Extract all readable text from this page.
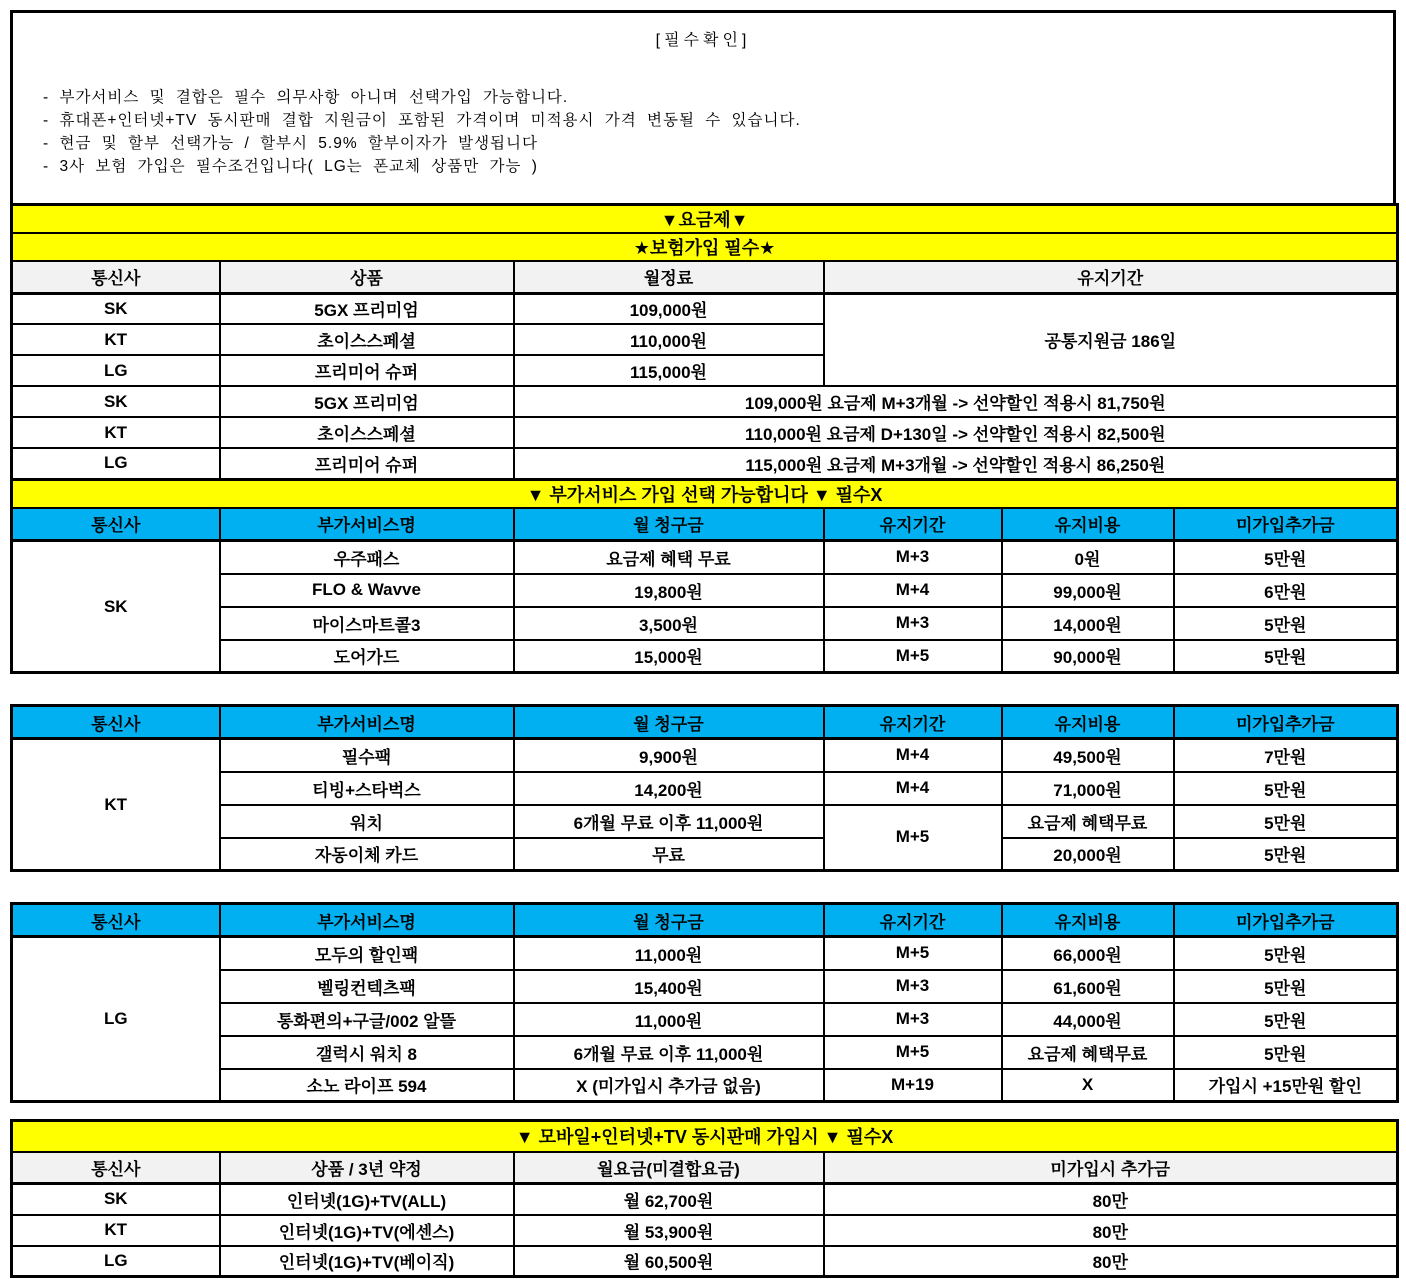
[필수확인]
- 부가서비스 및 결합은 필수 의무사항 아니며 선택가입 가능합니다.
- 휴대폰+인터넷+TV 동시판매 결합 지원금이 포함된 가격이며 미적용시 가격 변동될 수 있습니다.
- 현금 및 할부 선택가능 / 할부시 5.9% 할부이자가 발생됩니다
- 3사 보험 가입은 필수조건입니다( LG는 폰교체 상품만 가능 )
▼요금제▼			
★보험가입 필수★			
통신사	상품	월정료	유지기간
SK	5GX 프리미엄	109,000원	공통지원금 186일
KT	초이스스페셜	110,000원	
LG	프리미어 슈퍼	115,000원	
SK	5GX 프리미엄	109,000원 요금제 M+3개월 -> 선약할인 적용시 81,750원	
KT	초이스스페셜	110,000원 요금제 D+130일 -> 선약할인 적용시 82,500원	
LG	프리미어 슈퍼	115,000원 요금제 M+3개월 -> 선약할인 적용시 86,250원	
▼ 부가서비스 가입 선택 가능합니다 ▼ 필수X					
통신사	부가서비스명	월 청구금	유지기간	유지비용	미가입추가금
SK	우주패스	요금제 혜택 무료	M+3	0원	5만원
	FLO & Wavve	19,800원	M+4	99,000원	6만원
	마이스마트콜3	3,500원	M+3	14,000원	5만원
	도어가드	15,000원	M+5	90,000원	5만원
통신사	부가서비스명	월 청구금	유지기간	유지비용	미가입추가금
KT	필수팩	9,900원	M+4	49,500원	7만원
	티빙+스타벅스	14,200원	M+4	71,000원	5만원
	워치	6개월 무료 이후 11,000원	M+5	요금제 혜택무료	5만원
	자동이체 카드	무료		20,000원	5만원
통신사	부가서비스명	월 청구금	유지기간	유지비용	미가입추가금
LG	모두의 할인팩	11,000원	M+5	66,000원	5만원
	벨링컨텍츠팩	15,400원	M+3	61,600원	5만원
	통화편의+구글/002 알뜰	11,000원	M+3	44,000원	5만원
	갤럭시 워치 8	6개월 무료 이후 11,000원	M+5	요금제 혜택무료	5만원
	소노 라이프 594	X (미가입시 추가금 없음)	M+19	X	가입시 +15만원 할인
▼ 모바일+인터넷+TV 동시판매 가입시 ▼ 필수X			
통신사	상품 / 3년 약정	월요금(미결합요금)	미가입시 추가금
SK	인터넷(1G)+TV(ALL)	월 62,700원	80만
KT	인터넷(1G)+TV(에센스)	월 53,900원	80만
LG	인터넷(1G)+TV(베이직)	월 60,500원	80만
